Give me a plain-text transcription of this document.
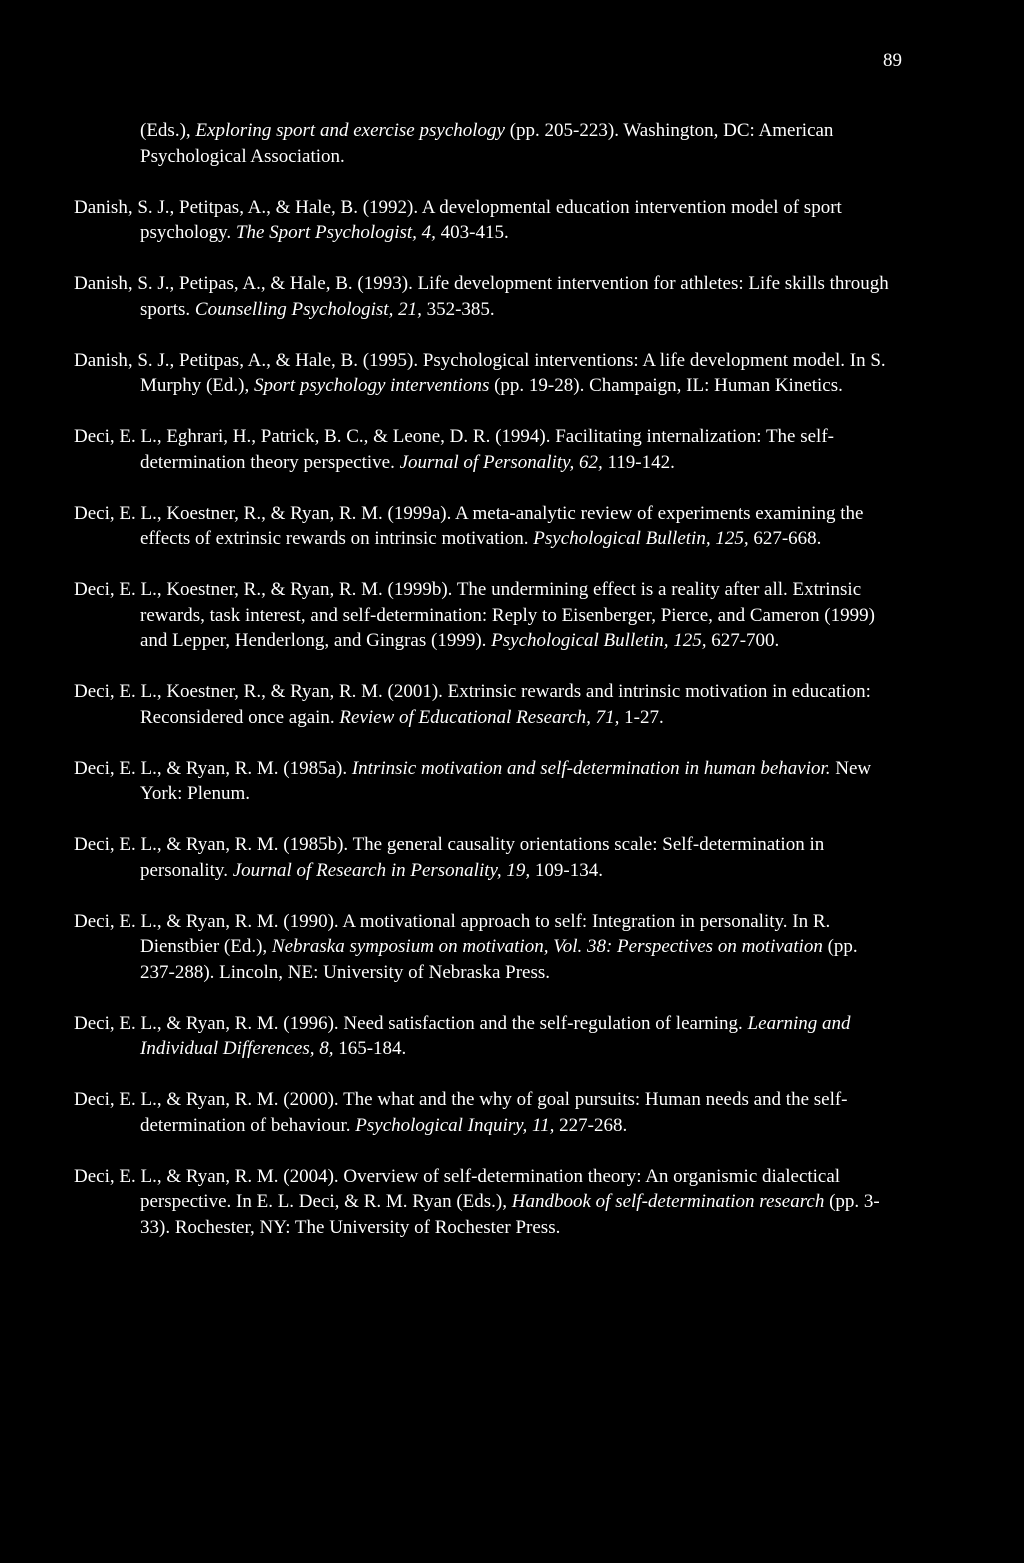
89

(Eds.), Exploring sport and exercise psychology (pp. 205-223). Washington, DC: American Psychological Association.

Danish, S. J., Petitpas, A., & Hale, B. (1992). A developmental education intervention model of sport psychology. The Sport Psychologist, 4, 403-415.

Danish, S. J., Petipas, A., & Hale, B. (1993). Life development intervention for athletes: Life skills through sports. Counselling Psychologist, 21, 352-385.

Danish, S. J., Petitpas, A., & Hale, B. (1995). Psychological interventions: A life development model. In S. Murphy (Ed.), Sport psychology interventions (pp. 19-28). Champaign, IL: Human Kinetics.

Deci, E. L., Eghrari, H., Patrick, B. C., & Leone, D. R. (1994). Facilitating internalization: The self-determination theory perspective. Journal of Personality, 62, 119-142.

Deci, E. L., Koestner, R., & Ryan, R. M. (1999a). A meta-analytic review of experiments examining the effects of extrinsic rewards on intrinsic motivation. Psychological Bulletin, 125, 627-668.

Deci, E. L., Koestner, R., & Ryan, R. M. (1999b). The undermining effect is a reality after all. Extrinsic rewards, task interest, and self-determination: Reply to Eisenberger, Pierce, and Cameron (1999) and Lepper, Henderlong, and Gingras (1999). Psychological Bulletin, 125, 627-700.

Deci, E. L., Koestner, R., & Ryan, R. M. (2001). Extrinsic rewards and intrinsic motivation in education: Reconsidered once again. Review of Educational Research, 71, 1-27.

Deci, E. L., & Ryan, R. M. (1985a). Intrinsic motivation and self-determination in human behavior. New York: Plenum.

Deci, E. L., & Ryan, R. M. (1985b). The general causality orientations scale: Self-determination in personality. Journal of Research in Personality, 19, 109-134.

Deci, E. L., & Ryan, R. M. (1990). A motivational approach to self: Integration in personality. In R. Dienstbier (Ed.), Nebraska symposium on motivation, Vol. 38: Perspectives on motivation (pp. 237-288). Lincoln, NE: University of Nebraska Press.

Deci, E. L., & Ryan, R. M. (1996). Need satisfaction and the self-regulation of learning. Learning and Individual Differences, 8, 165-184.

Deci, E. L., & Ryan, R. M. (2000). The what and the why of goal pursuits: Human needs and the self-determination of behaviour. Psychological Inquiry, 11, 227-268.

Deci, E. L., & Ryan, R. M. (2004). Overview of self-determination theory: An organismic dialectical perspective. In E. L. Deci, & R. M. Ryan (Eds.), Handbook of self-determination research (pp. 3-33). Rochester, NY: The University of Rochester Press.
